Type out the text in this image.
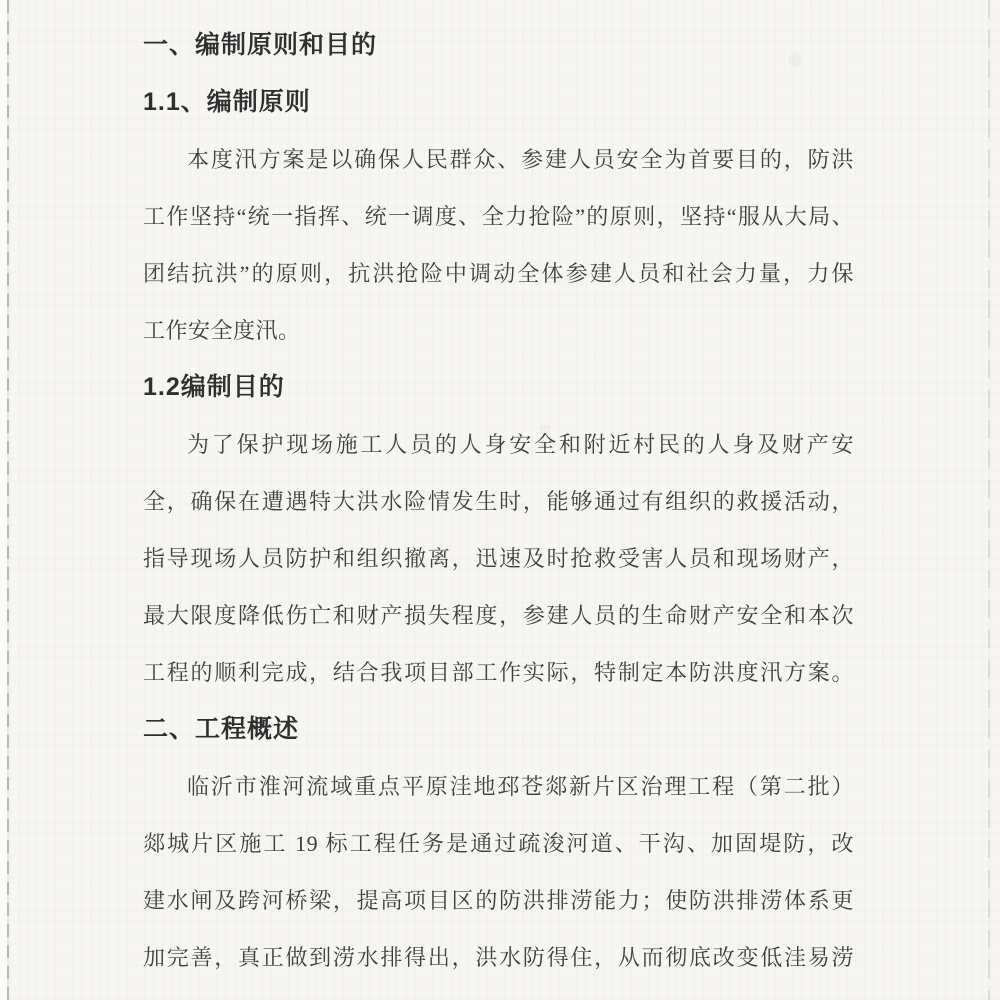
一、编制原则和目的
1.1、编制原则
本度汛方案是以确保人民群众、参建人员安全为首要目的，防洪
工作坚持“统一指挥、统一调度、全力抢险”的原则，坚持“服从大局、
团结抗洪”的原则，抗洪抢险中调动全体参建人员和社会力量，力保
工作安全度汛。
1.2编制目的
为了保护现场施工人员的人身安全和附近村民的人身及财产安
全，确保在遭遇特大洪水险情发生时，能够通过有组织的救援活动，
指导现场人员防护和组织撤离，迅速及时抢救受害人员和现场财产，
最大限度降低伤亡和财产损失程度，参建人员的生命财产安全和本次
工程的顺利完成，结合我项目部工作实际，特制定本防洪度汛方案。
二、工程概述
临沂市淮河流域重点平原洼地邳苍郯新片区治理工程（第二批）
郯城片区施工 19 标工程任务是通过疏浚河道、干沟、加固堤防，改
建水闸及跨河桥梁，提高项目区的防洪排涝能力；使防洪排涝体系更
加完善，真正做到涝水排得出，洪水防得住，从而彻底改变低洼易涝
